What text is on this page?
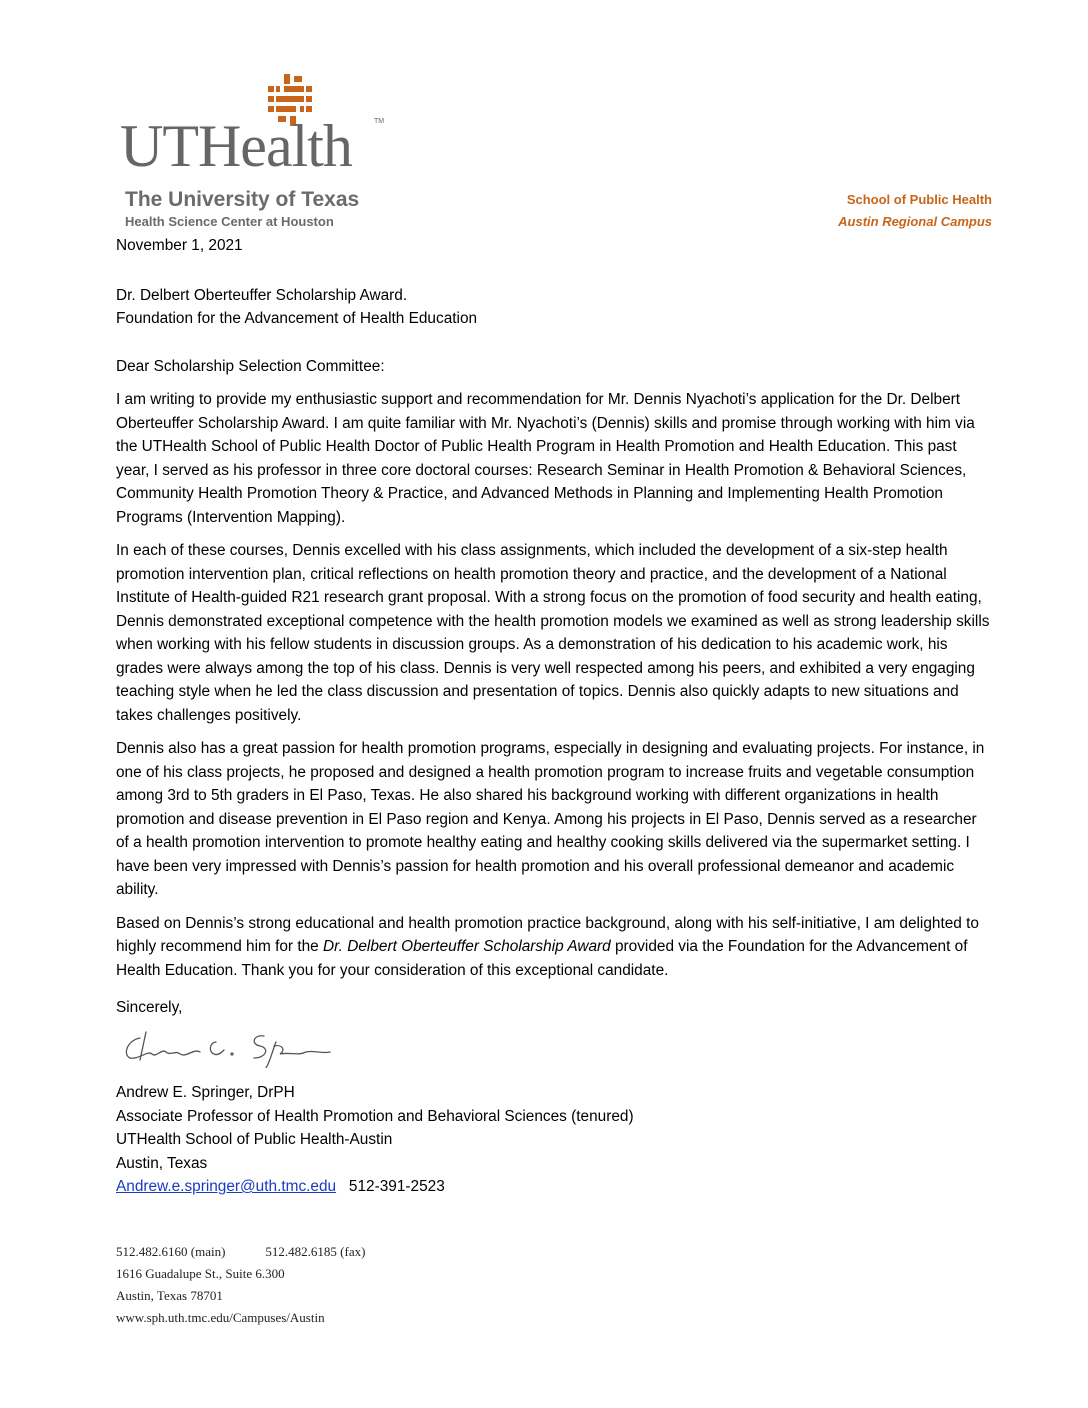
UTHealth	TM
The University of Texas
Health Science Center at Houston
School of Public Health
Austin Regional Campus

November 1, 2021

Dr. Delbert Oberteuffer Scholarship Award.

Foundation for the Advancement of Health Education

Dear Scholarship Selection Committee:

I am writing to provide my enthusiastic support and recommendation for Mr. Dennis Nyachoti’s application for the Dr. Delbert Oberteuffer Scholarship Award. I am quite familiar with Mr. Nyachoti’s (Dennis) skills and promise through working with him via the UTHealth School of Public Health Doctor of Public Health Program in Health Promotion and Health Education. This past year, I served as his professor in three core doctoral courses: Research Seminar in Health Promotion & Behavioral Sciences, Community Health Promotion Theory & Practice, and Advanced Methods in Planning and Implementing Health Promotion Programs (Intervention Mapping).

In each of these courses, Dennis excelled with his class assignments, which included the development of a six-step health promotion intervention plan, critical reflections on health promotion theory and practice, and the development of a National Institute of Health-guided R21 research grant proposal. With a strong focus on the promotion of food security and health eating, Dennis demonstrated exceptional competence with the health promotion models we examined as well as strong leadership skills when working with his fellow students in discussion groups. As a demonstration of his dedication to his academic work, his grades were always among the top of his class. Dennis is very well respected among his peers, and exhibited a very engaging teaching style when he led the class discussion and presentation of topics. Dennis also quickly adapts to new situations and takes challenges positively.

Dennis also has a great passion for health promotion programs, especially in designing and evaluating projects. For instance, in one of his class projects, he proposed and designed a health promotion program to increase fruits and vegetable consumption among 3rd to 5th graders in El Paso, Texas. He also shared his background working with different organizations in health promotion and disease prevention in El Paso region and Kenya. Among his projects in El Paso, Dennis served as a researcher of a health promotion intervention to promote healthy eating and healthy cooking skills delivered via the supermarket setting. I have been very impressed with Dennis’s passion for health promotion and his overall professional demeanor and academic ability.

Based on Dennis’s strong educational and health promotion practice background, along with his self-initiative, I am delighted to highly recommend him for the Dr. Delbert Oberteuffer Scholarship Award provided via the Foundation for the Advancement of Health Education. Thank you for your consideration of this exceptional candidate.

Sincerely,

Andrew E. Springer, DrPH

Associate Professor of Health Promotion and Behavioral Sciences (tenured)

UTHealth School of Public Health-Austin

Austin, Texas

Andrew.e.springer@uth.tmc.edu 512-391-2523

512.482.6160 (main)	512.482.6185 (fax)
1616 Guadalupe St., Suite 6.300
Austin, Texas 78701
www.sph.uth.tmc.edu/Campuses/Austin
